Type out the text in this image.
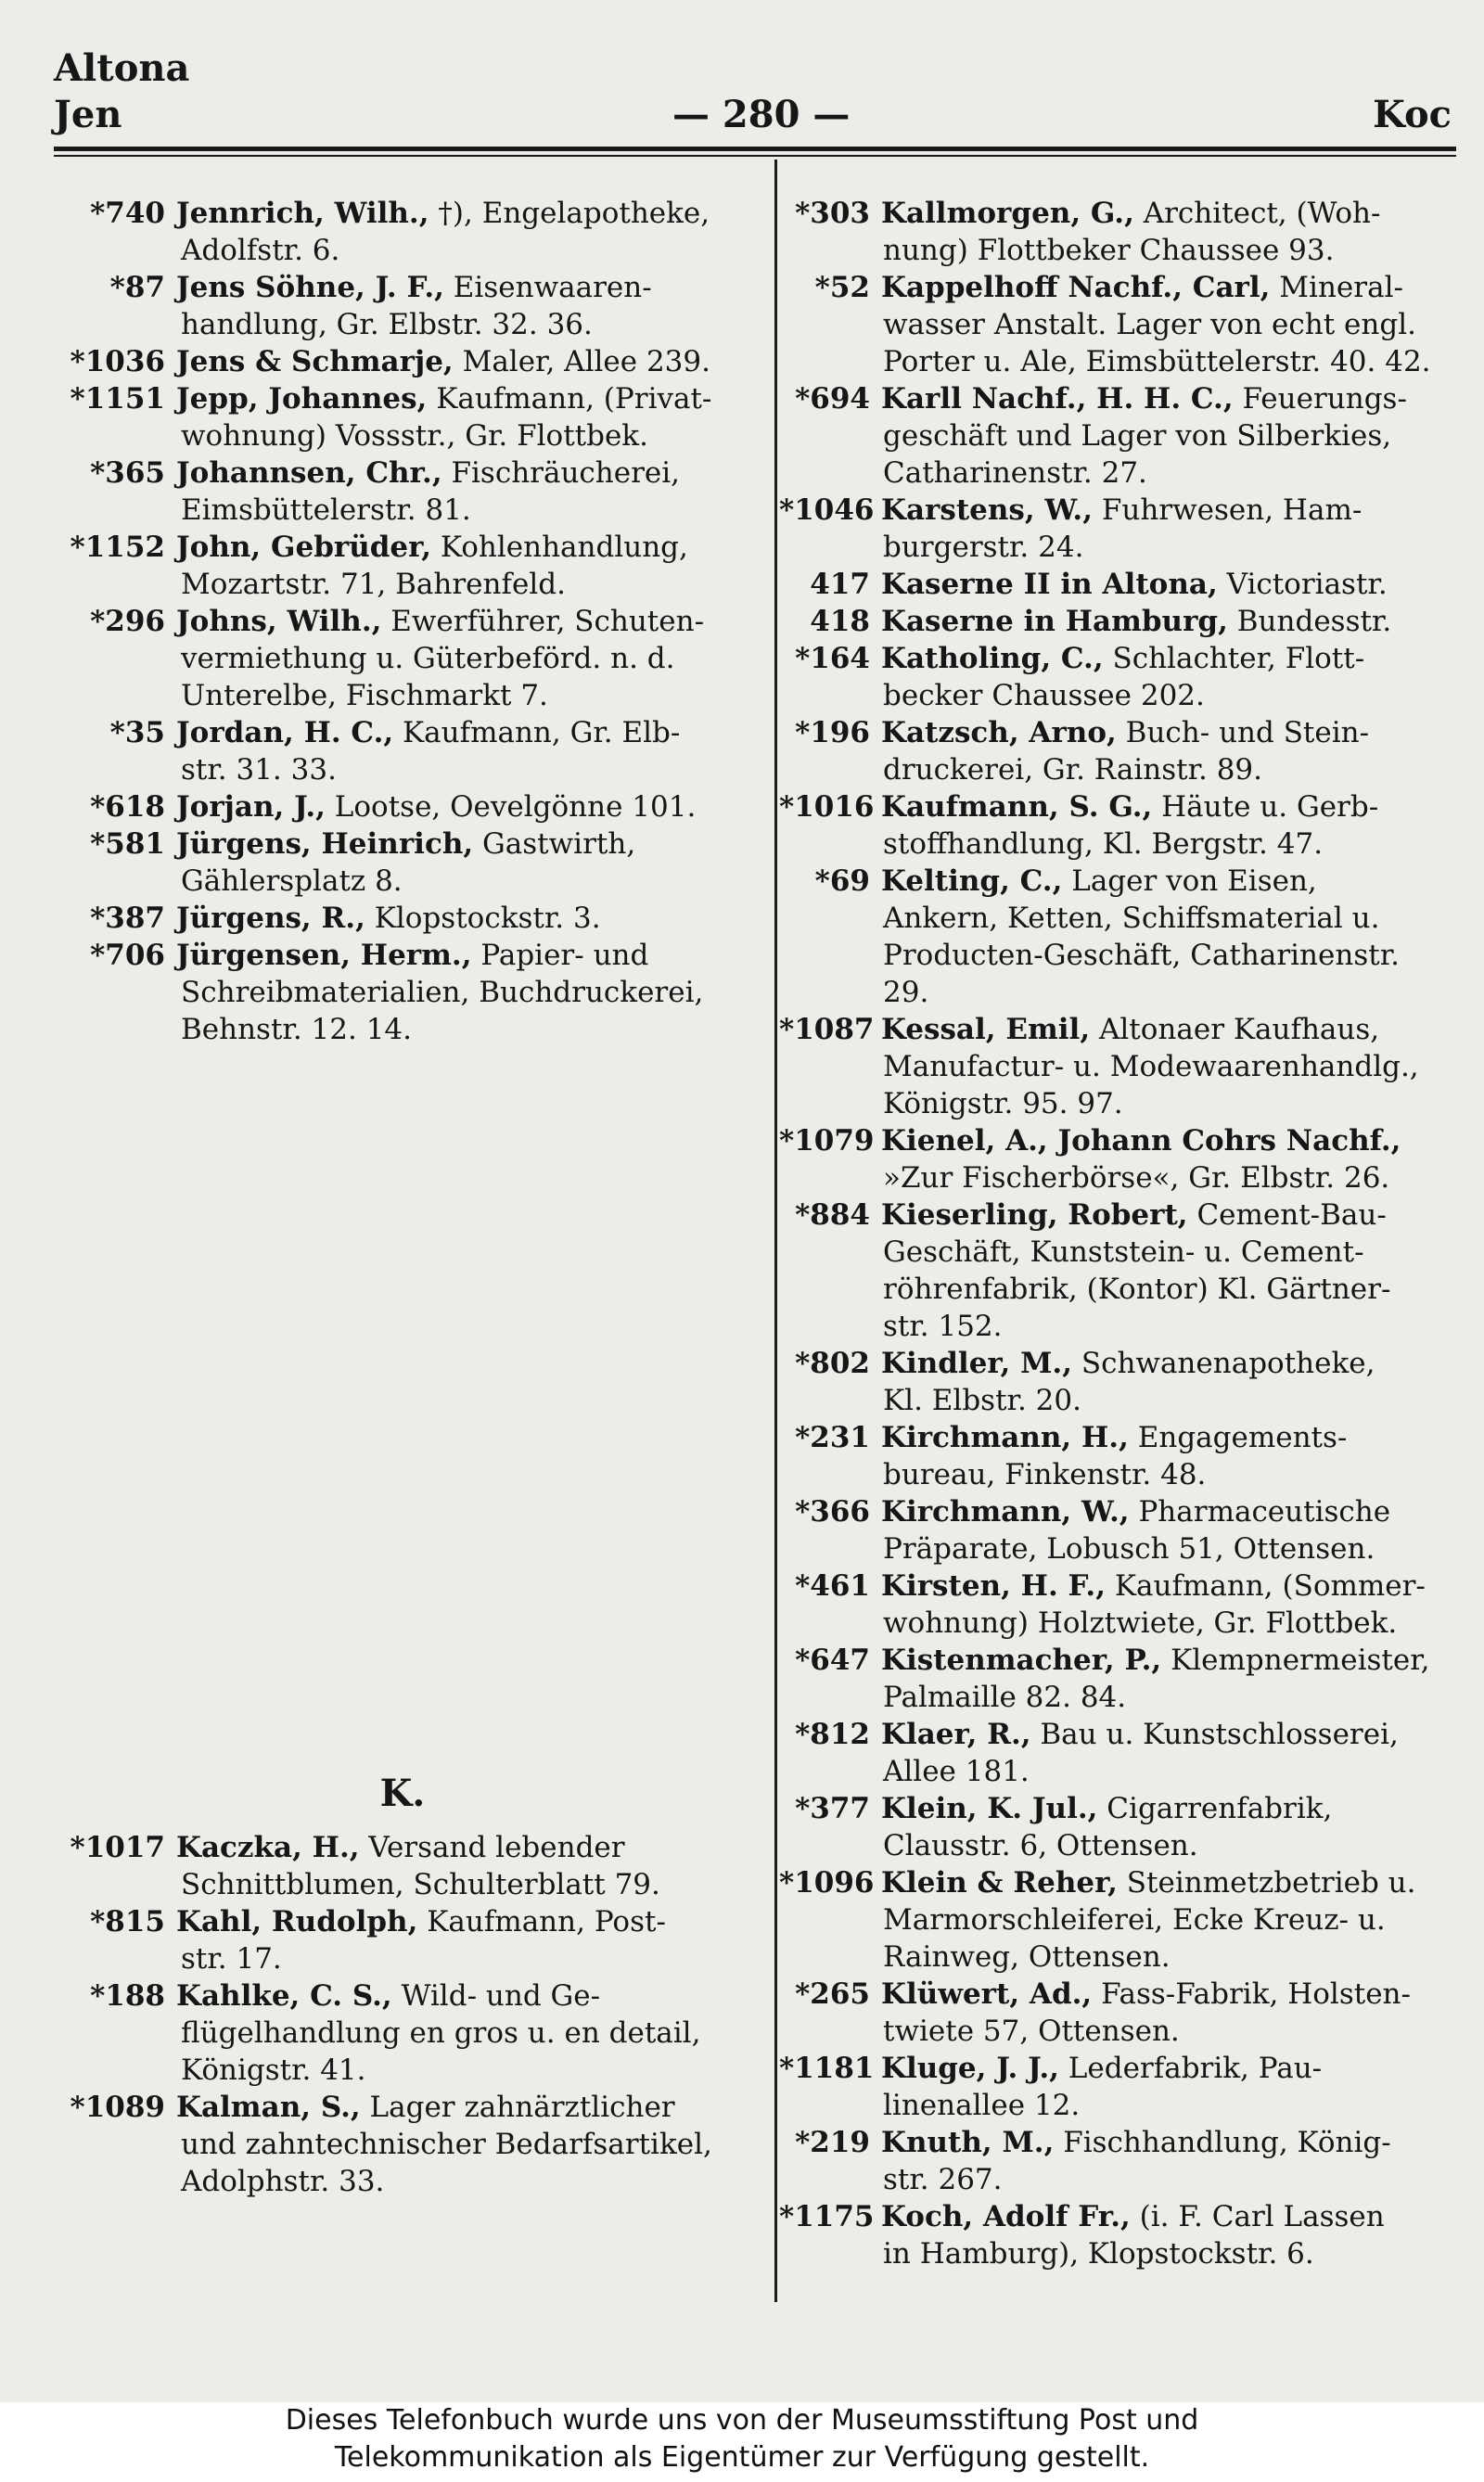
Altona
Jen	— 280 —	Koc
*740 Jennrich, Wilh., †), Engelapotheke,
Adolfstr. 6.
*87 Jens Söhne, J. F., Eisenwaaren-
handlung, Gr. Elbstr. 32. 36.
*1036 Jens & Schmarje, Maler, Allee 239.
*1151 Jepp, Johannes, Kaufmann, (Privat-
wohnung) Vossstr., Gr. Flottbek.
*365 Johannsen, Chr., Fischräucherei,
Eimsbüttelerstr. 81.
*1152 John, Gebrüder, Kohlenhandlung,
Mozartstr. 71, Bahrenfeld.
*296 Johns, Wilh., Ewerführer, Schuten-
vermiethung u. Güterbeförd. n. d.
Unterelbe, Fischmarkt 7.
*35 Jordan, H. C., Kaufmann, Gr. Elb-
str. 31. 33.
*618 Jorjan, J., Lootse, Oevelgönne 101.
*581 Jürgens, Heinrich, Gastwirth,
Gählersplatz 8.
*387 Jürgens, R., Klopstockstr. 3.
*706 Jürgensen, Herm., Papier- und
Schreibmaterialien, Buchdruckerei,
Behnstr. 12. 14.
K.
*1017 Kaczka, H., Versand lebender
Schnittblumen, Schulterblatt 79.
*815 Kahl, Rudolph, Kaufmann, Post-
str. 17.
*188 Kahlke, C. S., Wild- und Ge-
flügelhandlung en gros u. en detail,
Königstr. 41.
*1089 Kalman, S., Lager zahnärztlicher
und zahntechnischer Bedarfsartikel,
Adolphstr. 33.
*303 Kallmorgen, G., Architect, (Woh-
nung) Flottbeker Chaussee 93.
*52 Kappelhoff Nachf., Carl, Mineral-
wasser Anstalt. Lager von echt engl.
Porter u. Ale, Eimsbüttelerstr. 40. 42.
*694 Karll Nachf., H. H. C., Feuerungs-
geschäft und Lager von Silberkies,
Catharinenstr. 27.
*1046 Karstens, W., Fuhrwesen, Ham-
burgerstr. 24.
417 Kaserne II in Altona, Victoriastr.
418 Kaserne in Hamburg, Bundesstr.
*164 Katholing, C., Schlachter, Flott-
becker Chaussee 202.
*196 Katzsch, Arno, Buch- und Stein-
druckerei, Gr. Rainstr. 89.
*1016 Kaufmann, S. G., Häute u. Gerb-
stoffhandlung, Kl. Bergstr. 47.
*69 Kelting, C., Lager von Eisen,
Ankern, Ketten, Schiffsmaterial u.
Producten-Geschäft, Catharinenstr.
29.
*1087 Kessal, Emil, Altonaer Kaufhaus,
Manufactur- u. Modewaarenhandlg.,
Königstr. 95. 97.
*1079 Kienel, A., Johann Cohrs Nachf.,
»Zur Fischerbörse«, Gr. Elbstr. 26.
*884 Kieserling, Robert, Cement-Bau-
Geschäft, Kunststein- u. Cement-
röhrenfabrik, (Kontor) Kl. Gärtner-
str. 152.
*802 Kindler, M., Schwanenapotheke,
Kl. Elbstr. 20.
*231 Kirchmann, H., Engagements-
bureau, Finkenstr. 48.
*366 Kirchmann, W., Pharmaceutische
Präparate, Lobusch 51, Ottensen.
*461 Kirsten, H. F., Kaufmann, (Sommer-
wohnung) Holztwiete, Gr. Flottbek.
*647 Kistenmacher, P., Klempnermeister,
Palmaille 82. 84.
*812 Klaer, R., Bau u. Kunstschlosserei,
Allee 181.
*377 Klein, K. Jul., Cigarrenfabrik,
Clausstr. 6, Ottensen.
*1096 Klein & Reher, Steinmetzbetrieb u.
Marmorschleiferei, Ecke Kreuz- u.
Rainweg, Ottensen.
*265 Klüwert, Ad., Fass-Fabrik, Holsten-
twiete 57, Ottensen.
*1181 Kluge, J. J., Lederfabrik, Pau-
linenallee 12.
*219 Knuth, M., Fischhandlung, König-
str. 267.
*1175 Koch, Adolf Fr., (i. F. Carl Lassen
in Hamburg), Klopstockstr. 6.
Dieses Telefonbuch wurde uns von der Museumsstiftung Post und
Telekommunikation als Eigentümer zur Verfügung gestellt.
